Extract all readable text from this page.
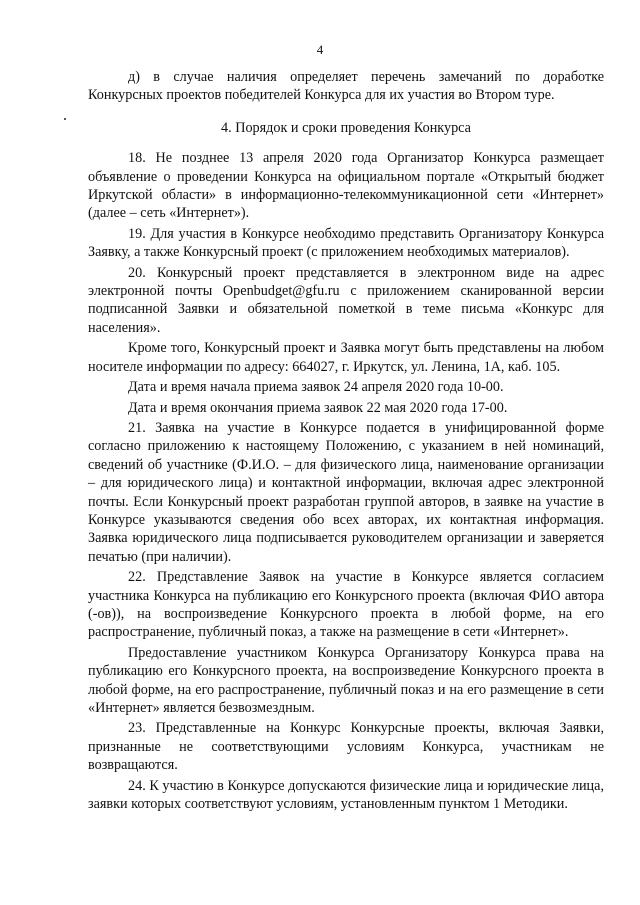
4

д) в случае наличия определяет перечень замечаний по доработке Конкурсных проектов победителей Конкурса для их участия во Втором туре.

4. Порядок и сроки проведения Конкурса

18. Не позднее 13 апреля 2020 года Организатор Конкурса размещает объявление о проведении Конкурса на официальном портале «Открытый бюджет Иркутской области» в информационно-телекоммуникационной сети «Интернет» (далее – сеть «Интернет»).

19. Для участия в Конкурсе необходимо представить Организатору Конкурса Заявку, а также Конкурсный проект (с приложением необходимых материалов).

20. Конкурсный проект представляется в электронном виде на адрес электронной почты Openbudget@gfu.ru с приложением сканированной версии подписанной Заявки и обязательной пометкой в теме письма «Конкурс для населения».

Кроме того, Конкурсный проект и Заявка могут быть представлены на любом носителе информации по адресу: 664027, г. Иркутск, ул. Ленина, 1А, каб. 105.

Дата и время начала приема заявок 24 апреля 2020 года 10-00.

Дата и время окончания приема заявок 22 мая 2020 года 17-00.

21. Заявка на участие в Конкурсе подается в унифицированной форме согласно приложению к настоящему Положению, с указанием в ней номинаций, сведений об участнике (Ф.И.О. – для физического лица, наименование организации – для юридического лица) и контактной информации, включая адрес электронной почты. Если Конкурсный проект разработан группой авторов, в заявке на участие в Конкурсе указываются сведения обо всех авторах, их контактная информация. Заявка юридического лица подписывается руководителем организации и заверяется печатью (при наличии).

22. Представление Заявок на участие в Конкурсе является согласием участника Конкурса на публикацию его Конкурсного проекта (включая ФИО автора (-ов)), на воспроизведение Конкурсного проекта в любой форме, на его распространение, публичный показ, а также на размещение в сети «Интернет».

Предоставление участником Конкурса Организатору Конкурса права на публикацию его Конкурсного проекта, на воспроизведение Конкурсного проекта в любой форме, на его распространение, публичный показ и на его размещение в сети «Интернет» является безвозмездным.

23. Представленные на Конкурс Конкурсные проекты, включая Заявки, признанные не соответствующими условиям Конкурса, участникам не возвращаются.

24. К участию в Конкурсе допускаются физические лица и юридические лица, заявки которых соответствуют условиям, установленным пунктом 1 Методики.
